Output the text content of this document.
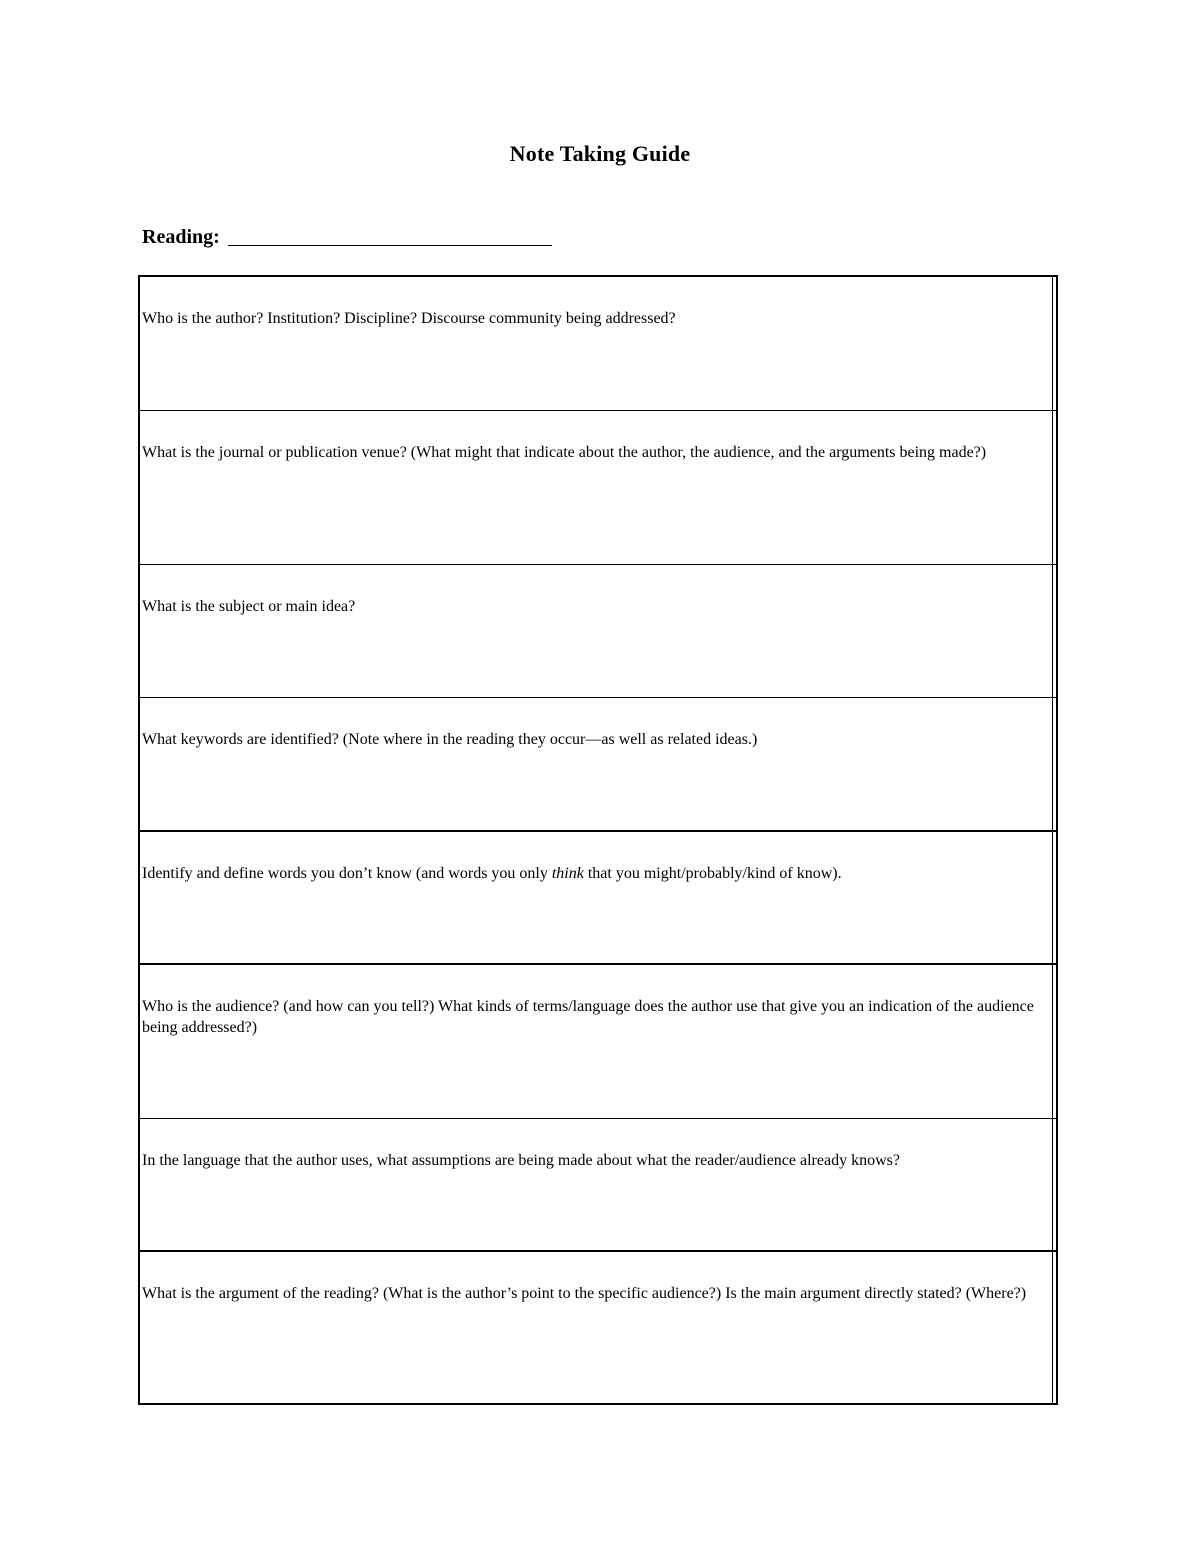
Note Taking Guide
Reading:
Who is the author? Institution? Discipline? Discourse community being addressed?
What is the journal or publication venue? (What might that indicate about the author, the audience, and the arguments being made?)
What is the subject or main idea?
What keywords are identified? (Note where in the reading they occur—as well as related ideas.)
Identify and define words you don’t know (and words you only think that you might/probably/kind of know).
Who is the audience? (and how can you tell?) What kinds of terms/language does the author use that give you an indication of the audience being addressed?)
In the language that the author uses, what assumptions are being made about what the reader/audience already knows?
What is the argument of the reading? (What is the author’s point to the specific audience?) Is the main argument directly stated? (Where?)
